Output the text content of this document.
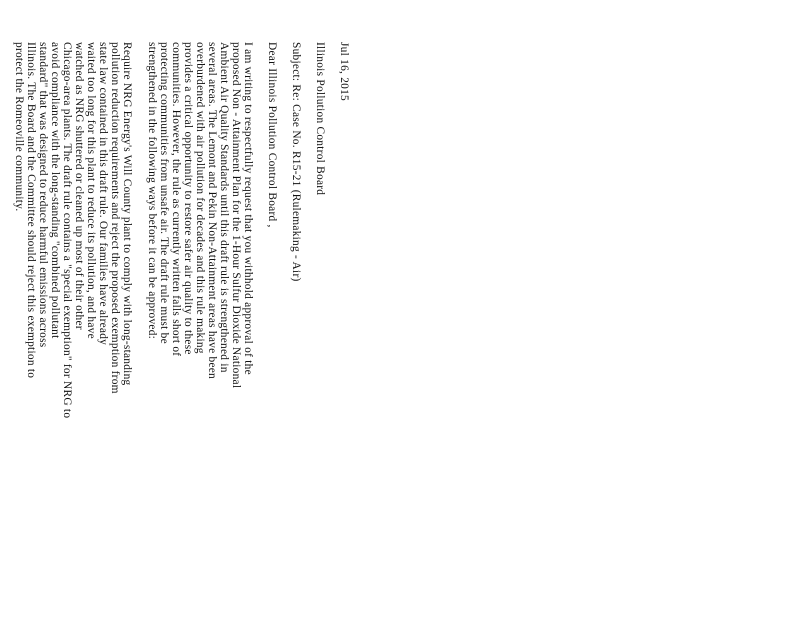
Jul 16, 2015
Illinois Pollution Control Board
Subject: Re: Case No. R15-21 (Rulemaking - Air)
Dear Illinois Pollution Control Board ,
I am writing to respectfully request that you withhold approval of the
proposed Non - Attainment Plan for the 1-Hour Sulfur Dioxide National
Ambient Air Quality Standards until this draft rule is strengthened in
several areas. The Lemont and Pekin Non-Attainment areas have been
overburdened with air pollution for decades and this rule making
provides a critical opportunity to restore safer air quality to these
communities. However, the rule as currently written falls short of
protecting communities from unsafe air. The draft rule must be
strengthened in the following ways before it can be approved:
Require NRG Energy's Will County plant to comply with long-standing
pollution reduction requirements and reject the proposed exemption from
state law contained in this draft rule. Our families have already
waited too long for this plant to reduce its pollution, and have
watched as NRG shuttered or cleaned up most of their other
Chicago-area plants. The draft rule contains a "special exemption" for NRG to
avoid compliance with the long-standing "combined pollutant
standard" that was designed to reduce harmful emissions across
Illinois. The Board and the Committee should reject this exemption to
protect the Romeoville community.
